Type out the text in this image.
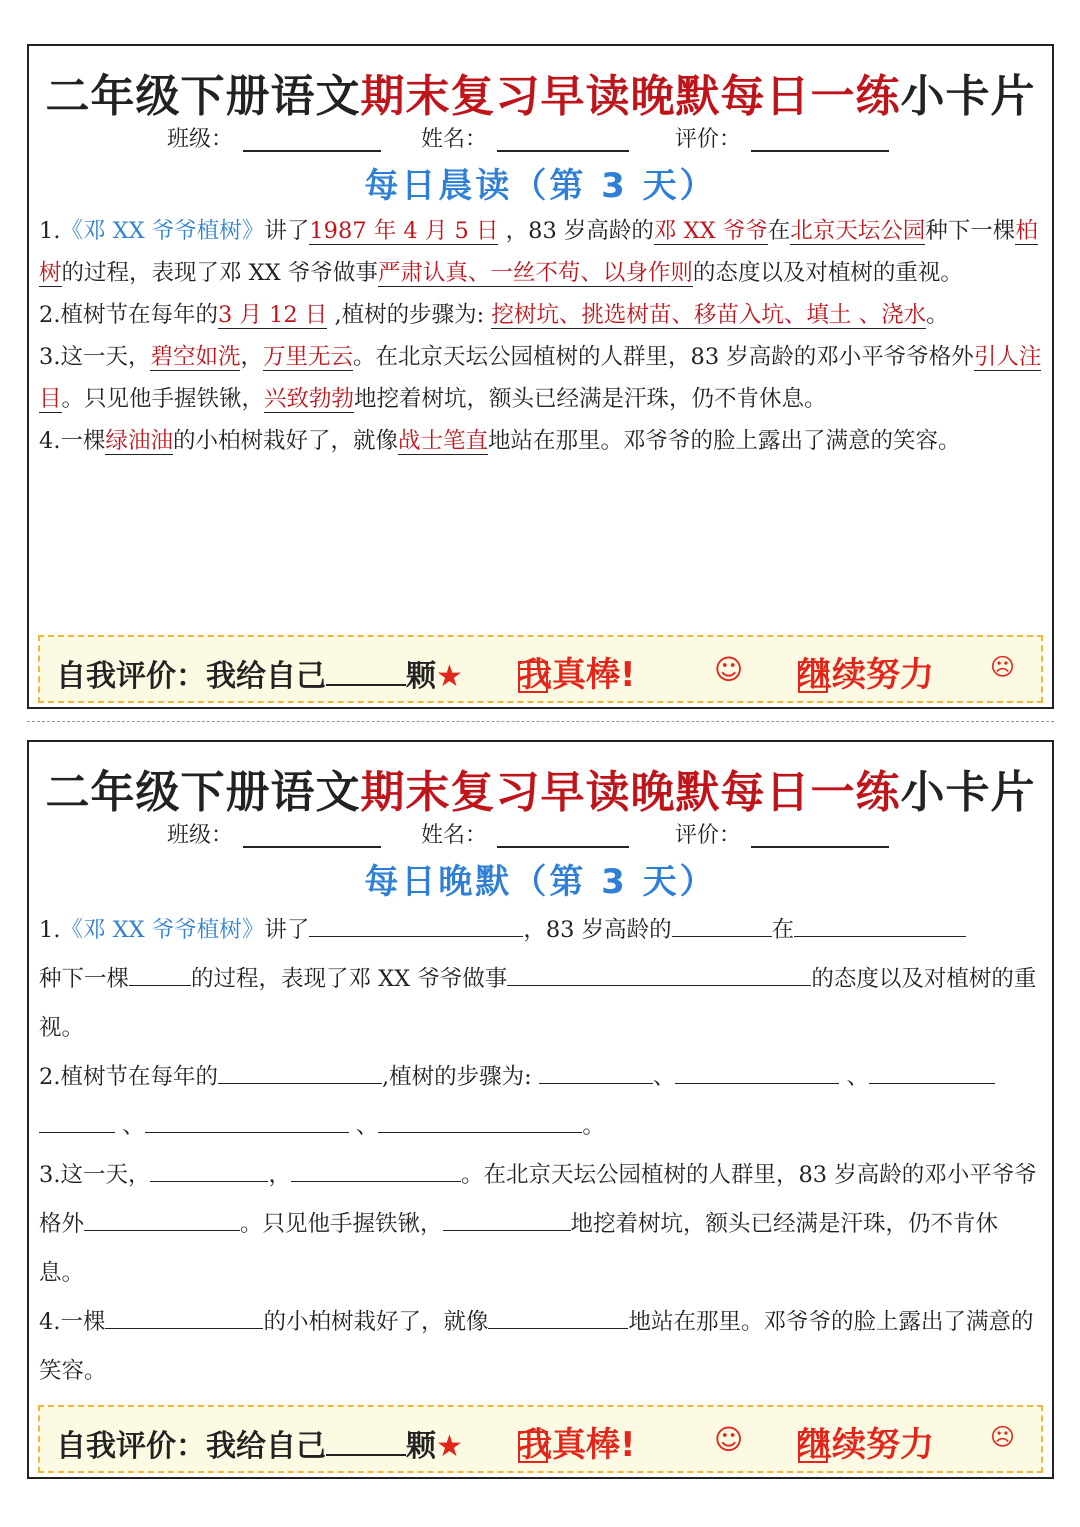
二年级下册语文期末复习早读晚默每日一练小卡片
班级：	姓名：	评价：
每日晨读（第 3 天）

1.《邓 XX 爷爷植树》讲了1987 年 4 月 5 日 ，83 岁高龄的邓 XX 爷爷在北京天坛公园种下一棵柏树的过程，表现了邓 XX 爷爷做事严肃认真、一丝不苟、以身作则的态度以及对植树的重视。

2.植树节在每年的3 月 12 日 ,植树的步骤为: 挖树坑、挑选树苗、移苗入坑、填土 、浇水。

3.这一天，碧空如洗，万里无云。在北京天坛公园植树的人群里，83 岁高龄的邓小平爷爷格外引人注目。只见他手握铁锹，兴致勃勃地挖着树坑，额头已经满是汗珠，仍不肯休息。

4.一棵绿油油的小柏树栽好了，就像战士笔直地站在那里。邓爷爷的脸上露出了满意的笑容。

自我评价：我给自己	颗★ 我真棒!	☺ 继续努力 ☹
二年级下册语文期末复习早读晚默每日一练小卡片
班级：	姓名：	评价：
每日晚默（第 3 天）

1.《邓 XX 爷爷植树》讲了	，83 岁高龄的	在
种下一棵	的过程，表现了邓 XX 爷爷做事	的态度以及对植树的重视。

2.植树节在每年的	,植树的步骤为:	、	、
、	、	。

3.这一天，	，	。在北京天坛公园植树的人群里，83 岁高龄的邓小平爷爷格外	。只见他手握铁锹，	地挖着树坑，额头已经满是汗珠，仍不肯休息。

4.一棵	的小柏树栽好了，就像	地站在那里。邓爷爷的脸上露出了满意的笑容。

自我评价：我给自己	颗★ 我真棒!	☺ 继续努力 ☹
